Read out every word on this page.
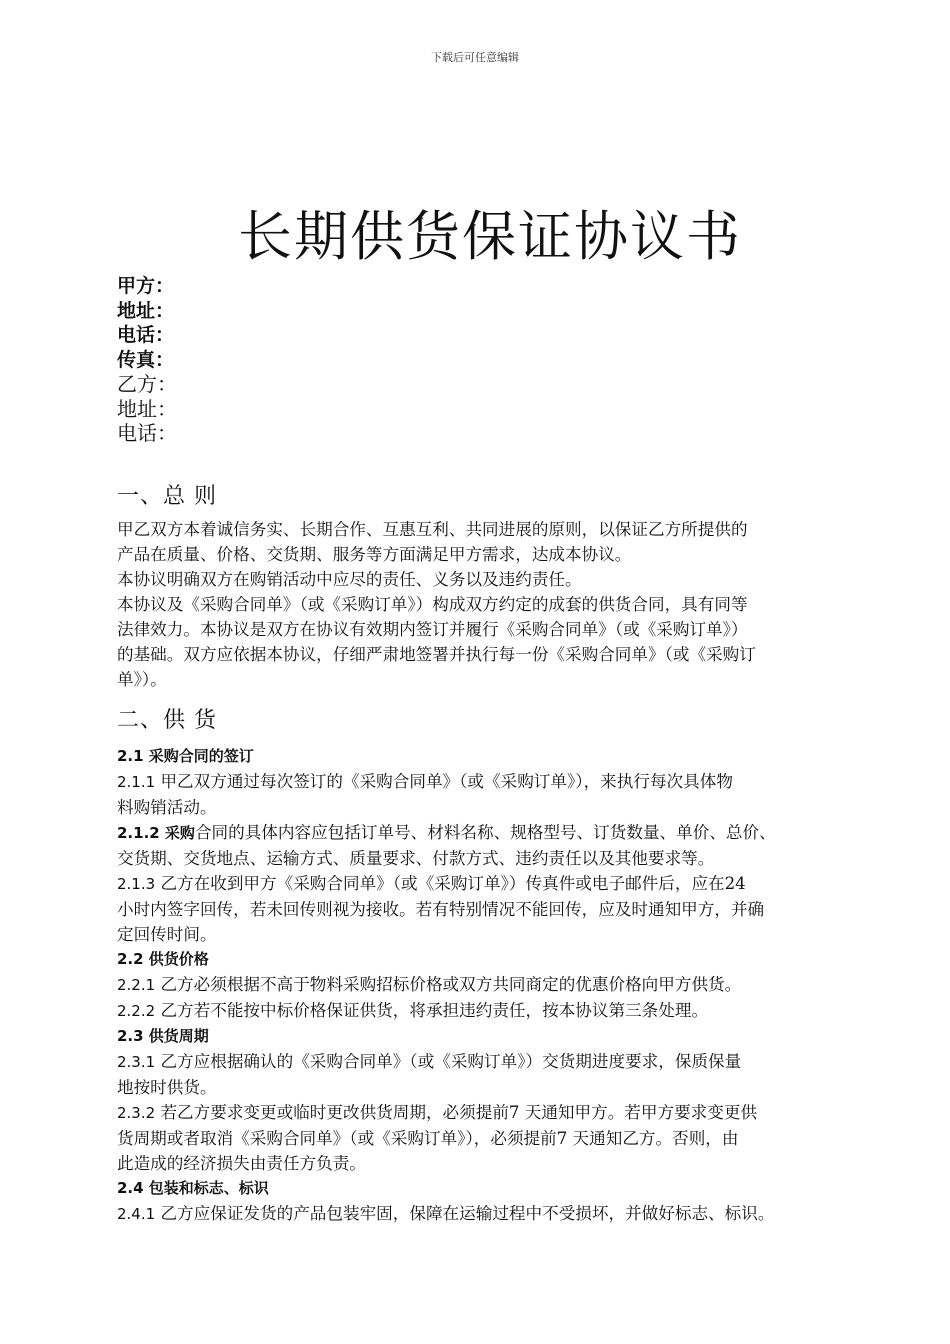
下载后可任意编辑
长期供货保证协议书
甲方：
地址：
电话：
传真：
乙方：
地址：
电话：
一、总 则

甲乙双方本着诚信务实、长期合作、互惠互利、共同进展的原则，以保证乙方所提供的

产品在质量、价格、交货期、服务等方面满足甲方需求，达成本协议。

本协议明确双方在购销活动中应尽的责任、义务以及违约责任。

本协议及《采购合同单》（或《采购订单》）构成双方约定的成套的供货合同，具有同等

法律效力。本协议是双方在协议有效期内签订并履行《采购合同单》（或《采购订单》）

的基础。双方应依据本协议，仔细严肃地签署并执行每一份《采购合同单》（或《采购订

单》）。

二、供 货

2.1 采购合同的签订

2.1.1 甲乙双方通过每次签订的《采购合同单》（或《采购订单》），来执行每次具体物

料购销活动。

2.1.2 采购合同的具体内容应包括订单号、材料名称、规格型号、订货数量、单价、总价、

交货期、交货地点、运输方式、质量要求、付款方式、违约责任以及其他要求等。

2.1.3 乙方在收到甲方《采购合同单》（或《采购订单》）传真件或电子邮件后，应在24

小时内签字回传，若未回传则视为接收。若有特别情况不能回传，应及时通知甲方，并确

定回传时间。

2.2 供货价格

2.2.1 乙方必须根据不高于物料采购招标价格或双方共同商定的优惠价格向甲方供货。

2.2.2 乙方若不能按中标价格保证供货，将承担违约责任，按本协议第三条处理。

2.3 供货周期

2.3.1 乙方应根据确认的《采购合同单》（或《采购订单》）交货期进度要求，保质保量

地按时供货。

2.3.2 若乙方要求变更或临时更改供货周期，必须提前7 天通知甲方。若甲方要求变更供

货周期或者取消《采购合同单》（或《采购订单》），必须提前7 天通知乙方。否则，由

此造成的经济损失由责任方负责。

2.4 包装和标志、标识

2.4.1 乙方应保证发货的产品包装牢固，保障在运输过程中不受损坏，并做好标志、标识。
